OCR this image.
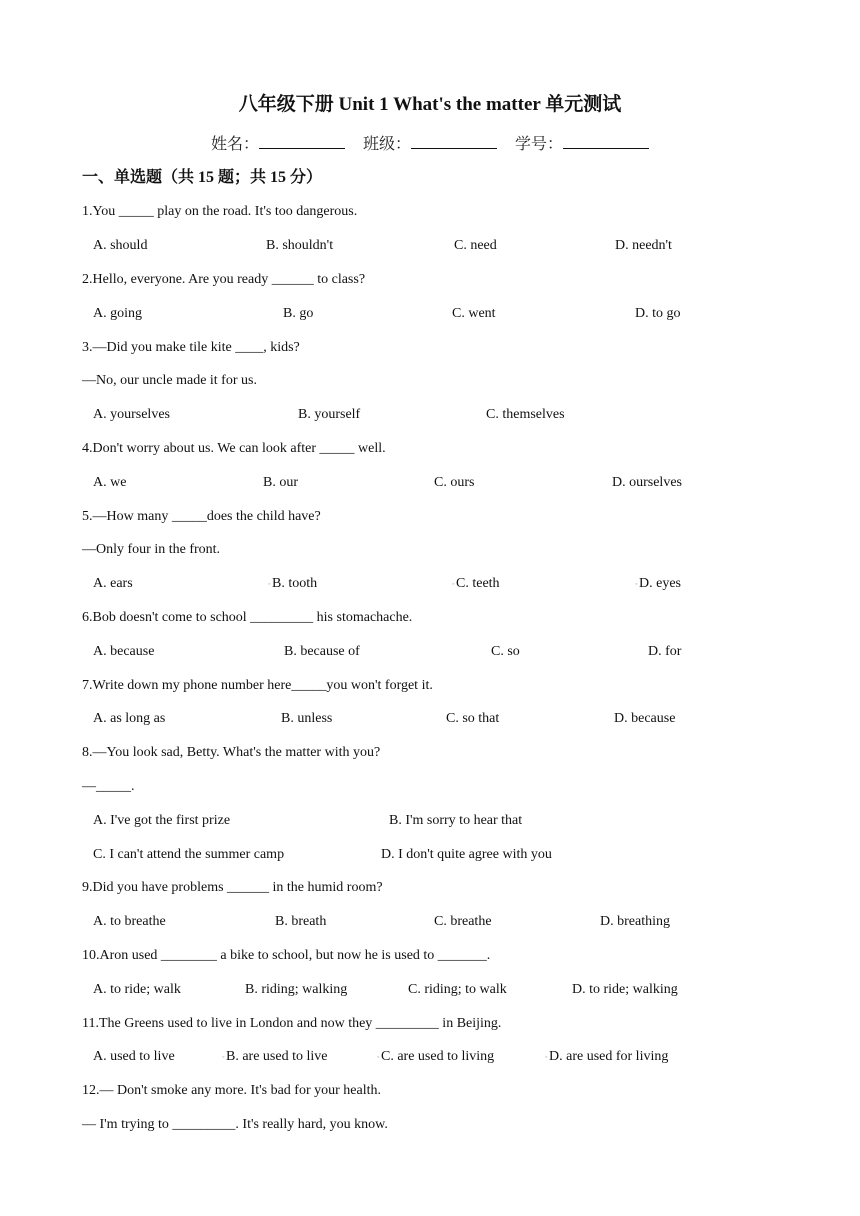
八年级下册 Unit 1 What's the matter 单元测试
姓名：	班级：	学号：
一、单选题（共 15 题；共 15 分）
1.You _____ play on the road. It's too dangerous.
A. should	B. shouldn't	C. need	D. needn't
2.Hello, everyone. Are you ready ______ to class?
A. going	B. go	C. went	D. to go
3.—Did you make tile kite ____, kids?
—No, our uncle made it for us.
A. yourselves	B. yourself	C. themselves
4.Don't worry about us. We can look after _____ well.
A. we	B. our	C. ours	D. ourselves
5.—How many _____does the child have?
—Only four in the front.
A. ears	◦ B. tooth	◦ C. teeth	◦ D. eyes
6.Bob doesn't come to school _________ his stomachache.
A. because	B. because of	C. so	D. for
7.Write down my phone number here_____you won't forget it.
A. as long as	B. unless	C. so that	D. because
8.—You look sad, Betty. What's the matter with you?
—_____.
A. I've got the first prize	B. I'm sorry to hear that
C. I can't attend the summer camp	D. I don't quite agree with you
9.Did you have problems ______ in the humid room?
A. to breathe	B. breath	C. breathe	D. breathing
10.Aron used ________ a bike to school, but now he is used to _______.
A. to ride; walk	B. riding; walking	C. riding; to walk	D. to ride; walking
11.The Greens used to live in London and now they _________ in Beijing.
A. used to live	◦ B. are used to live	◦ C. are used to living	◦ D. are used for living
12.— Don't smoke any more. It's bad for your health.
— I'm trying to _________. It's really hard, you know.
